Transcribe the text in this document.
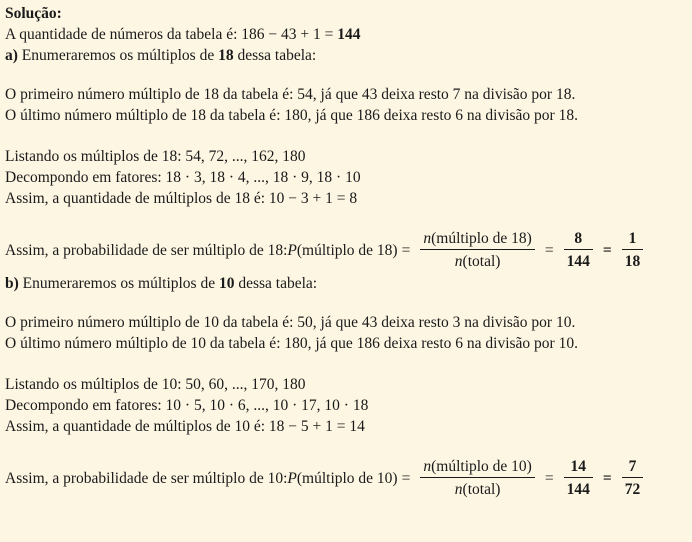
Solução:
A quantidade de números da tabela é: 186 − 43 + 1 = 144
a) Enumeraremos os múltiplos de 18 dessa tabela:
O primeiro número múltiplo de 18 da tabela é: 54, já que 43 deixa resto 7 na divisão por 18.
O último número múltiplo de 18 da tabela é: 180, já que 186 deixa resto 6 na divisão por 18.
Listando os múltiplos de 18: 54, 72, ..., 162, 180
Decompondo em fatores: 18 · 3, 18 · 4, ..., 18 · 9, 18 · 10
Assim, a quantidade de múltiplos de 18 é: 10 − 3 + 1 = 8
Assim, a probabilidade de ser múltiplo de 18: P (múltiplo de $18) = \frac{\text{n(múltiplo de 18)}}{\text{n(total)}} = \frac{8}{144} = \frac{1}{18}$
b) Enumeraremos os múltiplos de 10 dessa tabela:
O primeiro número múltiplo de 10 da tabela é: 50, já que 43 deixa resto 3 na divisão por 10.
O último número múltiplo de 10 da tabela é: 180, já que 186 deixa resto 6 na divisão por 10.
Listando os múltiplos de 10: 50, 60, ..., 170, 180
Decompondo em fatores: 10 · 5, 10 · 6, ..., 10 · 17, 10 · 18
Assim, a quantidade de múltiplos de 10 é: 18 − 5 + 1 = 14
Assim, a probabilidade de ser múltiplo de 10: P (múltiplo de $10) = \frac{\text{n(múltiplo de 10)}}{\text{n(total)}} = \frac{14}{144} = \frac{7}{72}$
